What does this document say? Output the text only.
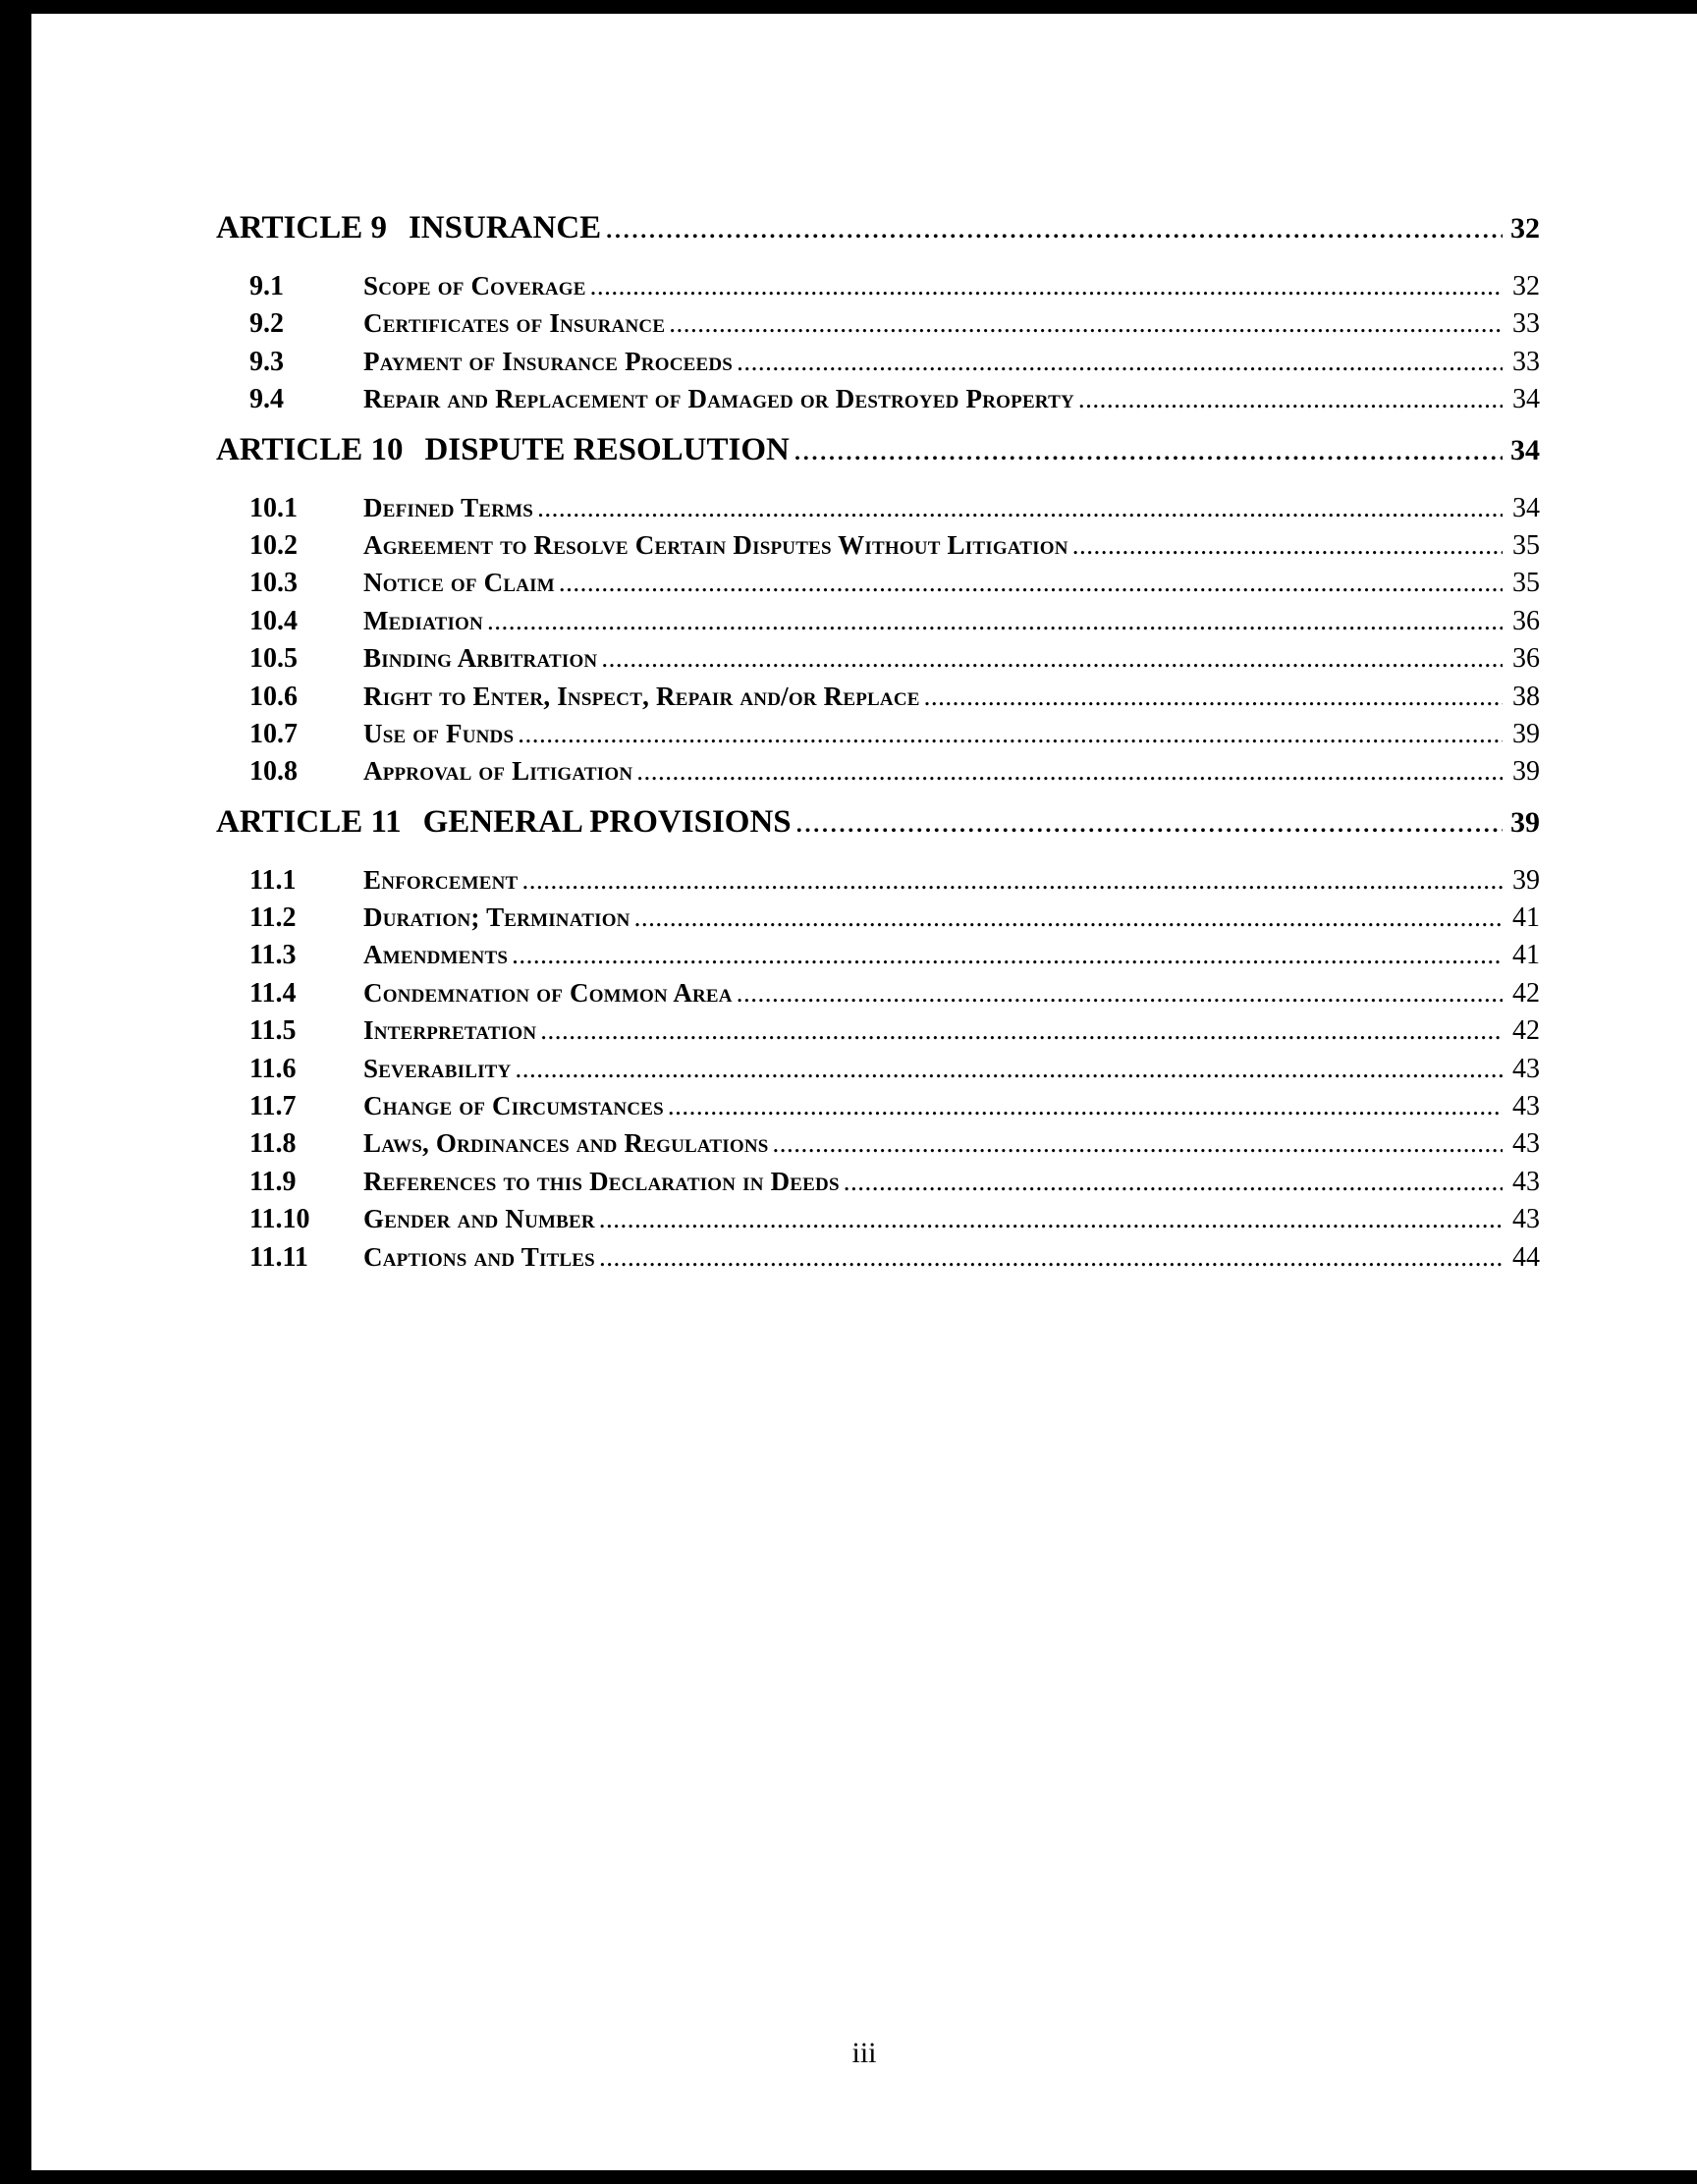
ARTICLE 9 INSURANCE .....	32
9.1	Scope of Coverage .....	32
9.2	Certificates of Insurance .....	33
9.3	Payment of Insurance Proceeds .....	33
9.4	Repair and Replacement of Damaged or Destroyed Property .....	34
ARTICLE 10 DISPUTE RESOLUTION .....	34
10.1	Defined Terms .....	34
10.2	Agreement to Resolve Certain Disputes Without Litigation .....	35
10.3	Notice of Claim .....	35
10.4	Mediation .....	36
10.5	Binding Arbitration .....	36
10.6	Right to Enter, Inspect, Repair and/or Replace .....	38
10.7	Use of Funds .....	39
10.8	Approval of Litigation .....	39
ARTICLE 11 GENERAL PROVISIONS .....	39
11.1	Enforcement .....	39
11.2	Duration; Termination .....	41
11.3	Amendments .....	41
11.4	Condemnation of Common Area .....	42
11.5	Interpretation .....	42
11.6	Severability .....	43
11.7	Change of Circumstances .....	43
11.8	Laws, Ordinances and Regulations .....	43
11.9	References to this Declaration in Deeds .....	43
11.10	Gender and Number .....	43
11.11	Captions and Titles .....	44
iii
